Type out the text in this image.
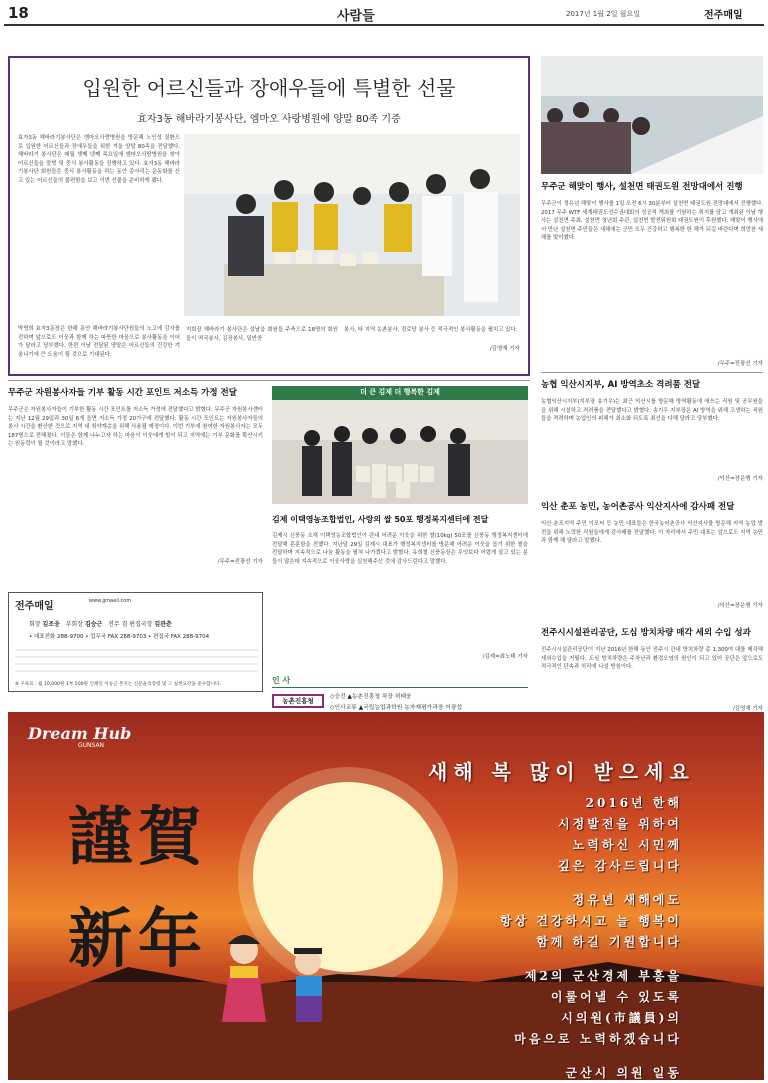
18	사람들	2017년 1월 2일 월요일	전주매일
입원한 어르신들과 장애우들에 특별한 선물
효자3동 해바라기봉사단, 엠마오 사랑병원에 양말 80족 기증
효자3동 해바라기봉사단은 엠마오사랑병원을 방문해 노인성 질환으로 입원한 어르신들과 장애우들을 위한 겨울 양말 80족을 전달했다. 해바라기 봉사단은 매월 셋째 넷째 목요일에 엠마오사랑병원을 찾아 어르신들을 말벗 및 중식 봉사활동을 진행하고 있다. 효자3동 해바라기봉사단 회원들은 중식 봉사활동을 하는 동안 종아리는 운동화를 신고 있는 어르신들의 불편함을 보고 이번 선물을 준비하게 됐다.
박명희 효자3동장은 한해 동안 해바라기봉사단원들의 노고에 감사를 전하며 앞으로도 이웃과 함께 하는 따뜻한 마음으로 봉사활동을 이어가 달라고 당부했다. 한편 이날 전달된 양말은 어르신들의 건강한 겨울나기에 큰 도움이 될 것으로 기대된다.
지회장 해바라기 봉사단은 설날을 회원들 주축으로 18명의 회원들이 떡국봉사, 김장봉사, 밑반찬
봉사, 타 지역 농촌봉사, 경로당 봉사 등 적극적인 봉사활동을 펼치고 있다.
/김영재 기자
무주군 해맞이 행사, 설천면 태권도원 전망대에서 진행
무주군이 정유년 해맞이 행사를 1일 오전 6시 30분부터 설천면 태권도원 전망대에서 진행했다. 2017 무주 WTF 세계태권도선수권대회의 성공적 개최를 기원하는 취지를 담고 개최된 이날 행사는 설천면 주최, 설천면 청년회 주관, 설천면 발전위원회 태권도원이 후원했다. 해맞이 행사에서 만난 설천면 주민들은 새해에는 군민 모두 건강하고 행복한 한 해가 되길 바란다며 희망찬 새해를 맞이했다.
/무주=전광선 기자
무주군 자원봉사자들 기부 활동 시간 포인트 저소득 가정 전달
무주군은 자원봉사자들이 기부한 활동 시간 포인트를 저소득 가정에 전달했다고 밝혔다. 무주군 자원봉사센터는 지난 12월 29일과 30일 6개 읍면 저소득 가정 20가구에 전달했다. 활동 시간 포인트는 자원봉사자들의 봉사 시간을 환산한 것으로 지역 내 취약계층을 위해 사용될 예정이다. 이번 기부에 참여한 자원봉사자는 모두 187명으로 전해졌다. 이들은 함께 나누고자 하는 마음이 이웃에게 힘이 되고 지역에는 기부 문화를 확산시키는 원동력이 될 것이라고 말했다.
/무주=전광선 기자
전주매일	www.jjmaeil.com
회장 김조웅 부회장 김승근 전무 겸 편집국장 김관춘
• 대표전화 288-9700 • 업무국 FAX 288-9703 • 편집국 FAX 288-9704
※ 구독료 : 월 10,000원 1부 500원 인쇄인 이승근 본지는 신문윤리강령 및 그 실천요강을 준수합니다.
더 큰 김제 더 행복한 김제
김제 이택영농조합법인, 사랑의 쌀 50포 행정복지센터에 전달
김제시 신풍동 소재 이택영농조합법인이 관내 어려운 이웃을 위한 쌀(10kg) 50포를 신풍동 행정복지센터에 전달해 훈훈함을 전했다. 지난달 29일 김제시 대표가 행정복지센터를 방문해 어려운 이웃을 돕기 위한 쌀을 전달하며 지속적으로 나눔 활동을 펼쳐 나가겠다고 밝혔다. 유희철 신풍동장은 무엇보다 어렵게 살고 있는 분들이 많은데 지속적으로 이웃사랑을 실천해주신 것에 감사드린다고 말했다.
/김제=최노태 기자
인 사
농촌진흥청	◇승진 ▲농촌진흥청 차장 허태웅
◇인사교류 ▲국립농업과학원 농자재평가과장 이광섭
농협 익산시지부, AI 방역초소 격려품 전달
농협익산시지부(지부장 송기우)는 최근 익산시를 방문해 방역활동에 애쓰는 직원 및 공무원들을 위해 시설하고 격려품을 전달했다고 밝혔다. 송기우 지부장은 AI 방역을 위해 고생하는 직원들을 격려하며 농업인의 피해가 최소화 되도록 최선을 다해 달라고 당부했다.
/익산=장운행 기자
익산 춘포 농민, 농어촌공사 익산지사에 감사패 전달
익산 춘포지역 주민 이모씨 등 농민 대표들은 한국농어촌공사 익산지사를 방문해 지역 농업 발전을 위해 노력한 직원들에게 감사패를 전달했다. 이 자리에서 주민 대표는 앞으로도 지역 농민과 함께 해 달라고 말했다.
/익산=장운행 기자
전주시시설관리공단, 도심 방치차량 매각 세외 수입 성과
전주시시설관리공단이 지난 2016년 한해 동안 전주시 관내 방치차량 총 1,300여 대를 매각해 세외수입을 거뒀다. 도심 방치차량은 주차난과 환경오염의 원인이 되고 있어 공단은 앞으로도 적극적인 단속과 처리에 나설 방침이다.
/김영재 기자
Dream Hub
GUNSAN
謹賀
新年
새해 복 많이 받으세요
2016년 한해
시정발전을 위하여
노력하신 시민께
깊은 감사드립니다
정유년 새해에도
항상 건강하시고 늘 행복이
함께 하길 기원합니다
제2의 군산경제 부흥을
이룰어낼 수 있도록
시의원(市議員)의
마음으로 노력하겠습니다
군산시 의원 일동
